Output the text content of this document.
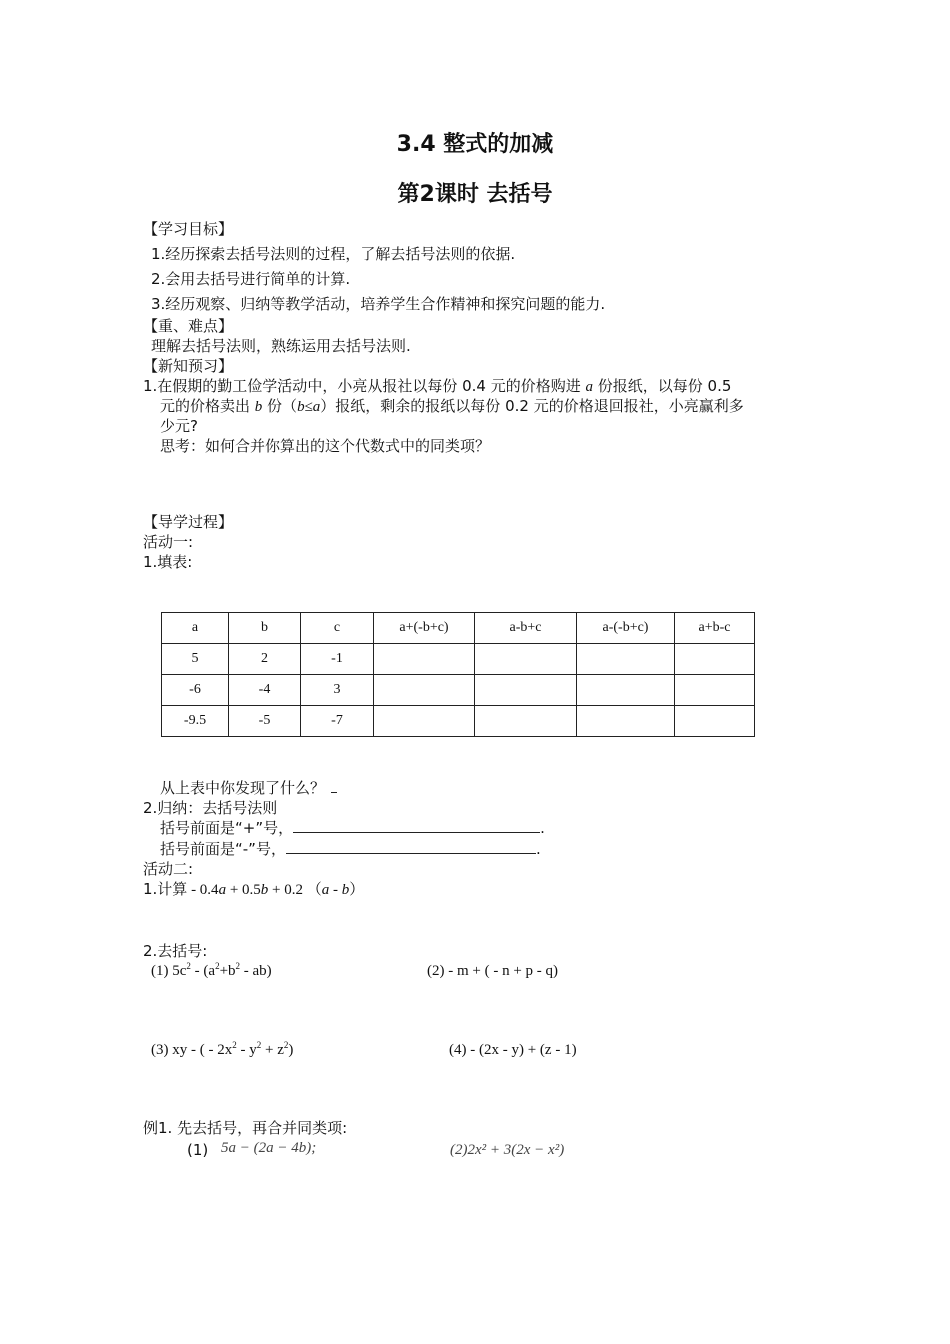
3.4 整式的加减
第2课时 去括号
【学习目标】
1.经历探索去括号法则的过程，了解去括号法则的依据.
2.会用去括号进行简单的计算.
3.经历观察、归纳等教学活动，培养学生合作精神和探究问题的能力.
【重、难点】
理解去括号法则，熟练运用去括号法则.
【新知预习】
1.在假期的勤工俭学活动中，小亮从报社以每份 0.4 元的价格购进 a 份报纸，以每份 0.5
元的价格卖出 b 份（b≤a）报纸，剩余的报纸以每份 0.2 元的价格退回报社，小亮赢利多
少元?
思考：如何合并你算出的这个代数式中的同类项？
【导学过程】
活动一:
1.填表:
a	b	c	a+(-b+c)	a-b+c	a-(-b+c)	a+b-c
5	2	-1				
-6	-4	3				
-9.5	-5	-7				
从上表中你发现了什么？
2.归纳：去括号法则
括号前面是“+”号，	.
括号前面是“-”号，	.
活动二:
1.计算 - 0.4a + 0.5b + 0.2 （a - b）
2.去括号:
(1) $5c^2 - (a^2+b^2 - ab)$	(2) - m + ( - n + p - q)
(3) xy - ( - $2x^2 - y^2 + z^2$)	(4) - (2x - y) + (z - 1)
例1. 先去括号，再合并同类项:
(1) 5a − (2a − 4b);	(2)2x² + 3(2x − x²)
